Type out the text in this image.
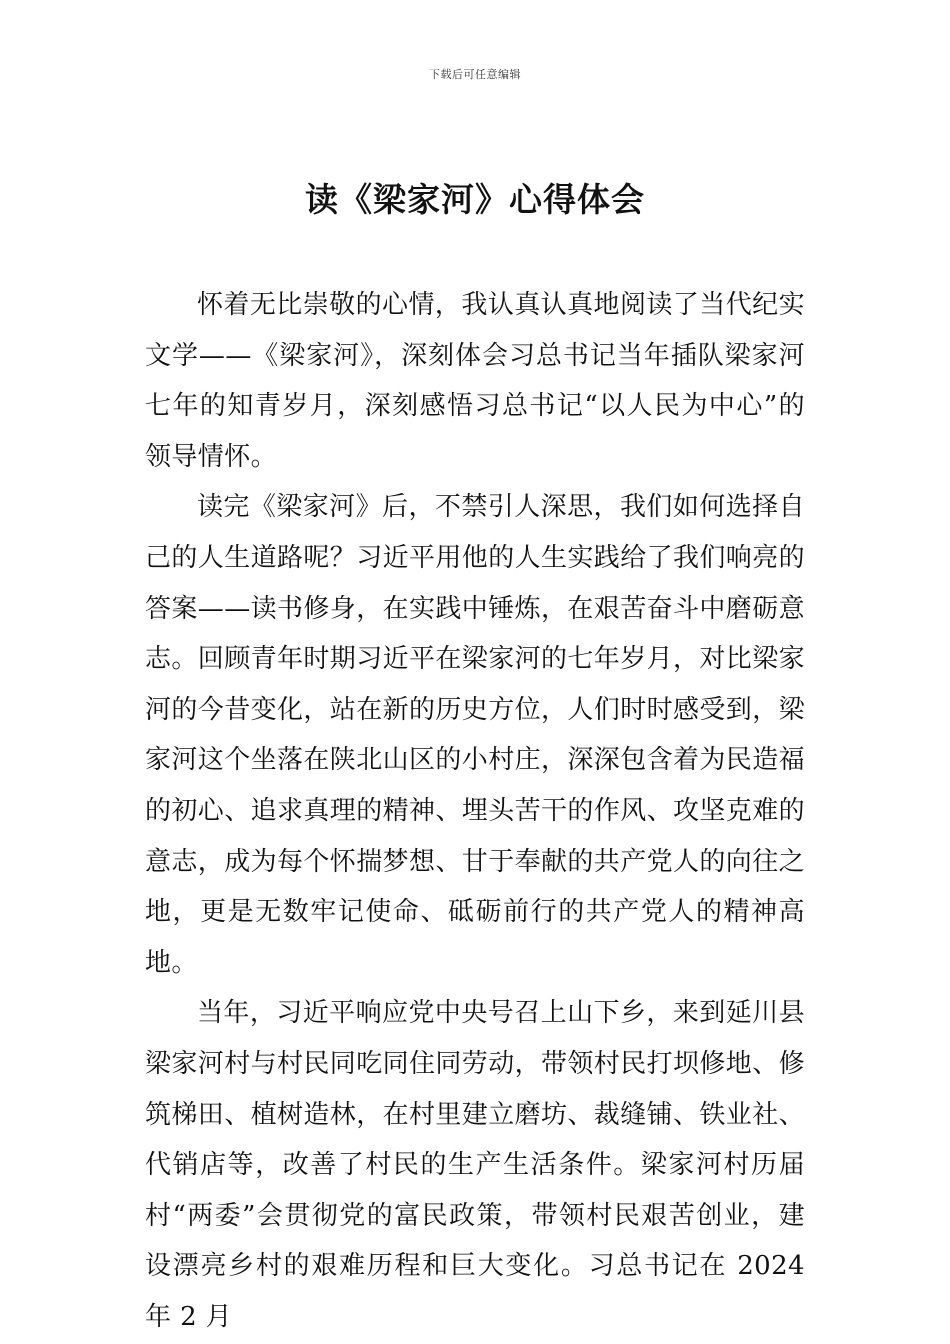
下载后可任意编辑
读《梁家河》心得体会

怀着无比崇敬的心情，我认真认真地阅读了当代纪实文学——《梁家河》，深刻体会习总书记当年插队梁家河七年的知青岁月，深刻感悟习总书记“以人民为中心”的领导情怀。

读完《梁家河》后，不禁引人深思，我们如何选择自己的人生道路呢？习近平用他的人生实践给了我们响亮的答案——读书修身，在实践中锤炼，在艰苦奋斗中磨砺意志。回顾青年时期习近平在梁家河的七年岁月，对比梁家河的今昔变化，站在新的历史方位，人们时时感受到，梁家河这个坐落在陕北山区的小村庄，深深包含着为民造福的初心、追求真理的精神、埋头苦干的作风、攻坚克难的意志，成为每个怀揣梦想、甘于奉献的共产党人的向往之地，更是无数牢记使命、砥砺前行的共产党人的精神高地。

当年，习近平响应党中央号召上山下乡，来到延川县梁家河村与村民同吃同住同劳动，带领村民打坝修地、修筑梯田、植树造林，在村里建立磨坊、裁缝铺、铁业社、代销店等，改善了村民的生产生活条件。梁家河村历届村“两委”会贯彻党的富民政策，带领村民艰苦创业，建设漂亮乡村的艰难历程和巨大变化。习总书记在 2024 年 2 月
